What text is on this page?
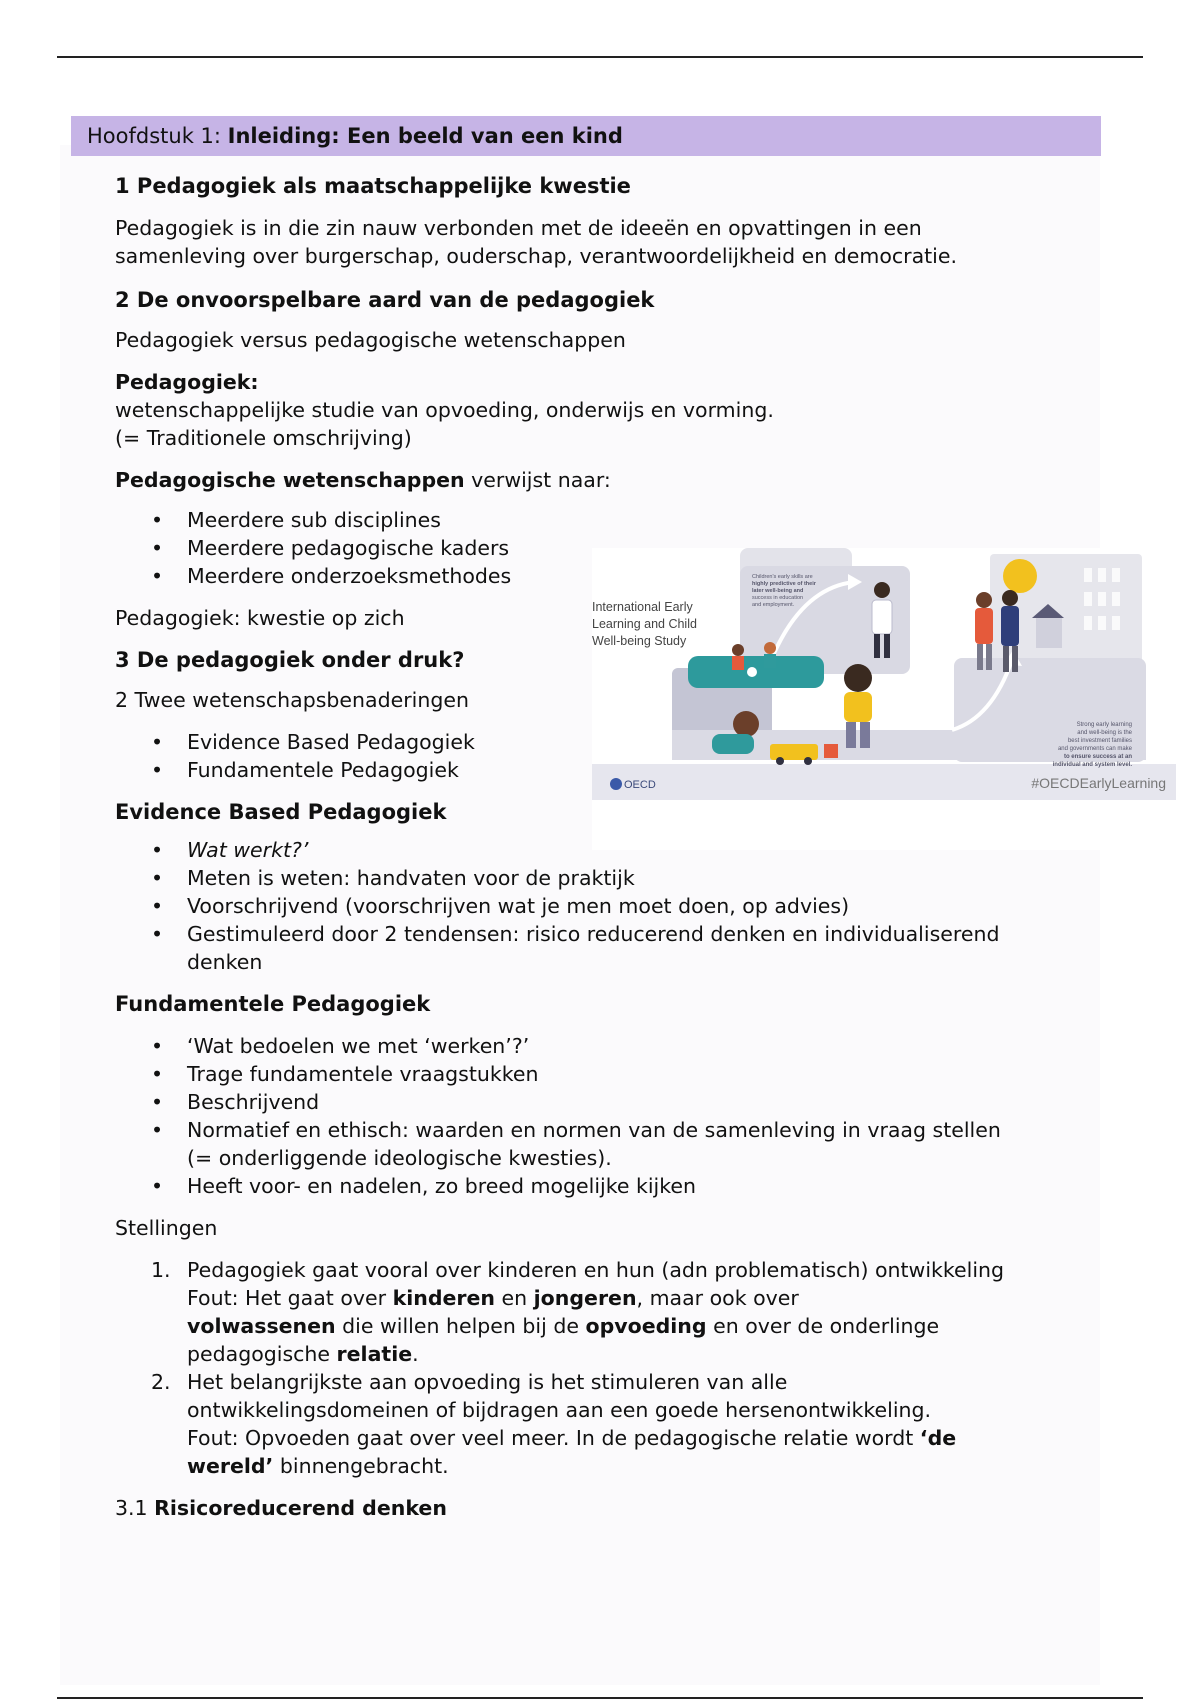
Hoofdstuk 1: Inleiding: Een beeld van een kind
1 Pedagogiek als maatschappelijke kwestie

Pedagogiek is in die zin nauw verbonden met de ideeën en opvattingen in een

samenleving over burgerschap, ouderschap, verantwoordelijkheid en democratie.

2 De onvoorspelbare aard van de pedagogiek

Pedagogiek versus pedagogische wetenschappen

Pedagogiek:

wetenschappelijke studie van opvoeding, onderwijs en vorming.

(= Traditionele omschrijving)

Pedagogische wetenschappen verwijst naar:

• Meerdere sub disciplines
• Meerdere pedagogische kaders
• Meerdere onderzoeksmethodes

Pedagogiek: kwestie op zich

3 De pedagogiek onder druk?

2 Twee wetenschapsbenaderingen

• Evidence Based Pedagogiek
• Fundamentele Pedagogiek
Evidence Based Pedagogiek
• Wat werkt?’
• Meten is weten: handvaten voor de praktijk
• Voorschrijvend (voorschrijven wat je men moet doen, op advies)
• Gestimuleerd door 2 tendensen: risico reducerend denken en individualiserend
denken
Fundamentele Pedagogiek
• ‘Wat bedoelen we met ‘werken’?’
• Trage fundamentele vraagstukken
• Beschrijvend
• Normatief en ethisch: waarden en normen van de samenleving in vraag stellen
(= onderliggende ideologische kwesties).
• Heeft voor- en nadelen, zo breed mogelijke kijken

Stellingen

1. Pedagogiek gaat vooral over kinderen en hun (adn problematisch) ontwikkeling
Fout: Het gaat over kinderen en jongeren, maar ook over
volwassenen die willen helpen bij de opvoeding en over de onderlinge
pedagogische relatie.
2. Het belangrijkste aan opvoeding is het stimuleren van alle
ontwikkelingsdomeinen of bijdragen aan een goede hersenontwikkeling.
Fout: Opvoeden gaat over veel meer. In de pedagogische relatie wordt ‘de
wereld’ binnengebracht.

3.1 Risicoreducerend denken

International Early
Learning and Child
Well-being Study
Children's early skills are
highly predictive of their
later well-being and
success in education
and employment.
Strong early learning
and well-being is the
best investment families
and governments can make
to ensure success at an
individual and system level.
OECD	#OECDEarlyLearning
